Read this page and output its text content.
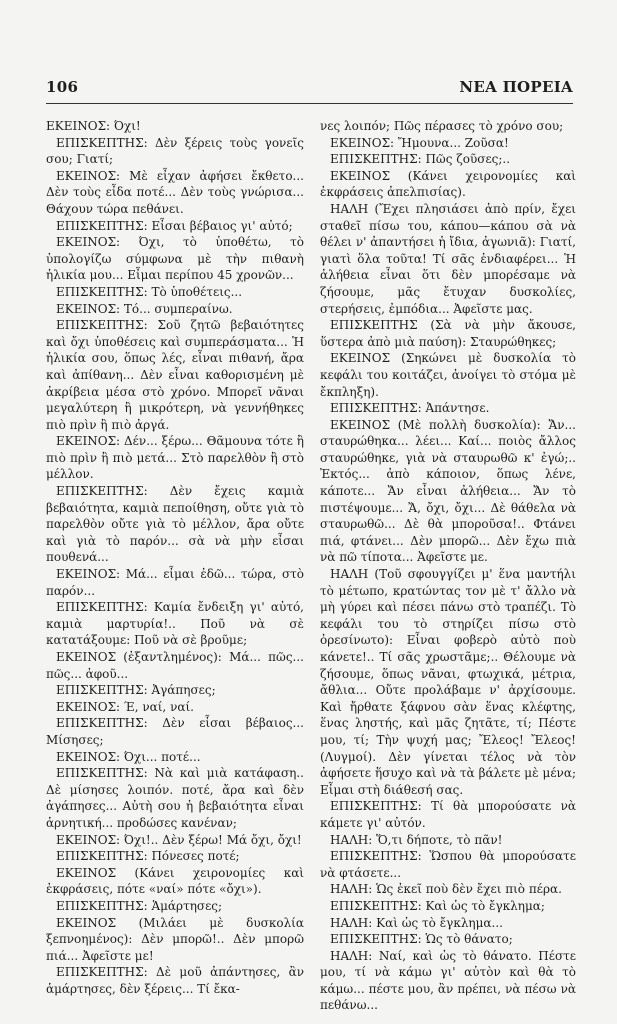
106	ΝΕΑ ΠΟΡΕΙΑ

ΕΚΕΙΝΟΣ: Όχι!

ΕΠΙΣΚΕΠΤΗΣ: Δὲν ξέρεις τοὺς γονεῖς σου; Γιατί;

ΕΚΕΙΝΟΣ: Μὲ εἶχαν ἀφήσει ἔκθετο... Δὲν τοὺς εἶδα ποτέ... Δὲν τοὺς γνώρισα... Θάχουν τώρα πεθάνει.

ΕΠΙΣΚΕΠΤΗΣ: Εἶσαι βέβαιος γι' αὐτό;

ΕΚΕΙΝΟΣ: Όχι, τὸ ὑποθέτω, τὸ ὑπολογίζω σύμφωνα μὲ τὴν πιθανὴ ἡλικία μου... Εἶμαι περίπου 45 χρονῶν...

ΕΠΙΣΚΕΠΤΗΣ: Τὸ ὑποθέτεις...

ΕΚΕΙΝΟΣ: Τό... συμπεραίνω.

ΕΠΙΣΚΕΠΤΗΣ: Σοῦ ζητῶ βεβαιότητες καὶ ὄχι ὑποθέσεις καὶ συμπεράσματα... Ἡ ἡλικία σου, ὅπως λές, εἶναι πιθανή, ἄρα καὶ ἀπίθανη... Δὲν εἶναι καθορισμένη μὲ ἀκρίβεια μέσα στὸ χρόνο. Μπορεῖ νᾶναι μεγαλύτερη ἢ μικρότερη, νὰ γεννήθηκες πιὸ πρὶν ἢ πιὸ ἀργά.

ΕΚΕΙΝΟΣ: Δέν... ξέρω... Θᾶμουνα τότε ἢ πιὸ πρὶν ἢ πιὸ μετά... Στὸ παρελθὸν ἢ στὸ μέλλον.

ΕΠΙΣΚΕΠΤΗΣ: Δὲν ἔχεις καμιὰ βεβαιότητα, καμιὰ πεποίθηση, οὔτε γιὰ τὸ παρελθὸν οὔτε γιὰ τὸ μέλλον, ἄρα οὔτε καὶ γιὰ τὸ παρόν... σὰ νὰ μὴν εἶσαι πουθενά...

ΕΚΕΙΝΟΣ: Μά... εἶμαι ἐδῶ... τώρα, στὸ παρόν...

ΕΠΙΣΚΕΠΤΗΣ: Καμία ἔνδειξη γι' αὐτό, καμιὰ μαρτυρία!.. Ποῦ νὰ σὲ κατατάξουμε: Ποῦ νὰ σὲ βροῦμε;

ΕΚΕΙΝΟΣ (ἐξαντλημένος): Μά... πῶς... πῶς... ἀφοῦ...

ΕΠΙΣΚΕΠΤΗΣ: Ἀγάπησες;

ΕΚΕΙΝΟΣ: Έ, ναί, ναί.

ΕΠΙΣΚΕΠΤΗΣ: Δὲν εἶσαι βέβαιος... Μίσησες;

ΕΚΕΙΝΟΣ: Όχι... ποτέ...

ΕΠΙΣΚΕΠΤΗΣ: Νὰ καὶ μιὰ κατάφαση.. Δὲ μίσησες λοιπόν. ποτέ, ἄρα καὶ δὲν ἀγάπησες... Αὐτὴ σου ἡ βεβαιότητα εἶναι ἀρνητική... προδώσες κανέναν;

ΕΚΕΙΝΟΣ: Όχι!.. Δὲν ξέρω! Μά ὄχι, ὄχι!

ΕΠΙΣΚΕΠΤΗΣ: Πόνεσες ποτέ;

ΕΚΕΙΝΟΣ (Κάνει χειρονομίες καὶ ἐκφράσεις, πότε «ναί» πότε «ὄχι»).

ΕΠΙΣΚΕΠΤΗΣ: Ἁμάρτησες;

ΕΚΕΙΝΟΣ (Μιλάει μὲ δυσκολία ξεπνοημένος): Δὲν μπορῶ!.. Δὲν μπορῶ πιά... Ἀφεῖστε με!

ΕΠΙΣΚΕΠΤΗΣ: Δὲ μοῦ ἀπάντησες, ἂν ἁμάρτησες, δὲν ξέρεις... Τί ἔκα-

νες λοιπόν; Πῶς πέρασες τὸ χρόνο σου;

ΕΚΕΙΝΟΣ: Ἤμουνα... Ζοῦσα!

ΕΠΙΣΚΕΠΤΗΣ: Πῶς ζοῦσες;..

ΕΚΕΙΝΟΣ (Κάνει χειρονομίες καὶ ἐκφράσεις ἀπελπισίας).

ΗΑΛΗ (Ἔχει πλησιάσει ἀπὸ πρίν, ἔχει σταθεῖ πίσω του, κάπου—κάπου σὰ νὰ θέλει ν' ἀπαντήσει ἡ ἴδια, ἀγωνιᾶ): Γιατί, γιατὶ ὅλα τοῦτα! Τί σᾶς ἐνδιαφέρει... Ἡ ἀλήθεια εἶναι ὅτι δὲν μπορέσαμε νὰ ζήσουμε, μᾶς ἔτυχαν δυσκολίες, στερήσεις, ἐμπόδια... Ἀφεῖστε μας.

ΕΠΙΣΚΕΠΤΗΣ (Σὰ νὰ μὴν ἄκουσε, ὕστερα ἀπὸ μιὰ παύση): Σταυρώθηκες;

ΕΚΕΙΝΟΣ (Σηκώνει μὲ δυσκολία τὸ κεφάλι του κοιτάζει, ἀνοίγει τὸ στόμα μὲ ἔκπληξη).

ΕΠΙΣΚΕΠΤΗΣ: Ἀπάντησε.

ΕΚΕΙΝΟΣ (Μὲ πολλὴ δυσκολία): Ἄν... σταυρώθηκα... λέει... Καί... ποιὸς ἄλλος σταυρώθηκε, γιὰ νὰ σταυρωθῶ κ' ἐγώ;.. Ἐκτός... ἀπὸ κάποιον, ὅπως λένε, κάποτε... Ἄν εἶναι ἀλήθεια... Ἄν τὸ πιστέψουμε... Ἄ, ὄχι, ὄχι... Δὲ θάθελα νὰ σταυρωθῶ... Δὲ θὰ μποροῦσα!.. Φτάνει πιά, φτάνει... Δὲν μπορῶ... Δὲν ἔχω πιὰ νὰ πῶ τίποτα... Ἀφεῖστε με.

ΗΑΛΗ (Τοῦ σφουγγίζει μ' ἕνα μαντήλι τὸ μέτωπο, κρατώντας τον μὲ τ' ἄλλο νὰ μὴ γύρει καὶ πέσει πάνω στὸ τραπέζι. Τὸ κεφάλι του τὸ στηρίζει πίσω στὸ ὀρεσίνωτο): Εἶναι φοβερὸ αὐτὸ ποὺ κάνετε!.. Τί σᾶς χρωστᾶμε;.. Θέλουμε νὰ ζήσουμε, ὅπως νᾶναι, φτωχικά, μέτρια, ἄθλια... Οὔτε προλάβαμε ν' ἀρχίσουμε. Καὶ ἤρθατε ξάφνου σὰν ἕνας κλέφτης, ἕνας ληστής, καὶ μᾶς ζητᾶτε, τί; Πέστε μου, τί; Τὴν ψυχή μας; Ἔλεος! Ἔλεος! (Λυγμοί). Δὲν γίνεται τέλος νὰ τὸν ἀφήσετε ἥσυχο καὶ νὰ τὰ βάλετε μὲ μένα; Εἶμαι στὴ διάθεσή σας.

ΕΠΙΣΚΕΠΤΗΣ: Τί θὰ μπορούσατε νὰ κάμετε γι' αὐτόν.

ΗΑΛΗ: Ὅ,τι δήποτε, τὸ πᾶν!

ΕΠΙΣΚΕΠΤΗΣ: Ὥσπου θὰ μπορούσατε νὰ φτάσετε...

ΗΑΛΗ: Ὡς ἐκεῖ ποὺ δὲν ἔχει πιὸ πέρα.

ΕΠΙΣΚΕΠΤΗΣ: Καὶ ὡς τὸ ἔγκλημα;

ΗΑΛΗ: Καὶ ὡς τὸ ἔγκλημα...

ΕΠΙΣΚΕΠΤΗΣ: Ὡς τὸ θάνατο;

ΗΑΛΗ: Ναί, καὶ ὡς τὸ θάνατο. Πέστε μου, τί νὰ κάμω γι' αὐτὸν καὶ θὰ τὸ κάμω... πέστε μου, ἂν πρέπει, νὰ πέσω νὰ πεθάνω...
